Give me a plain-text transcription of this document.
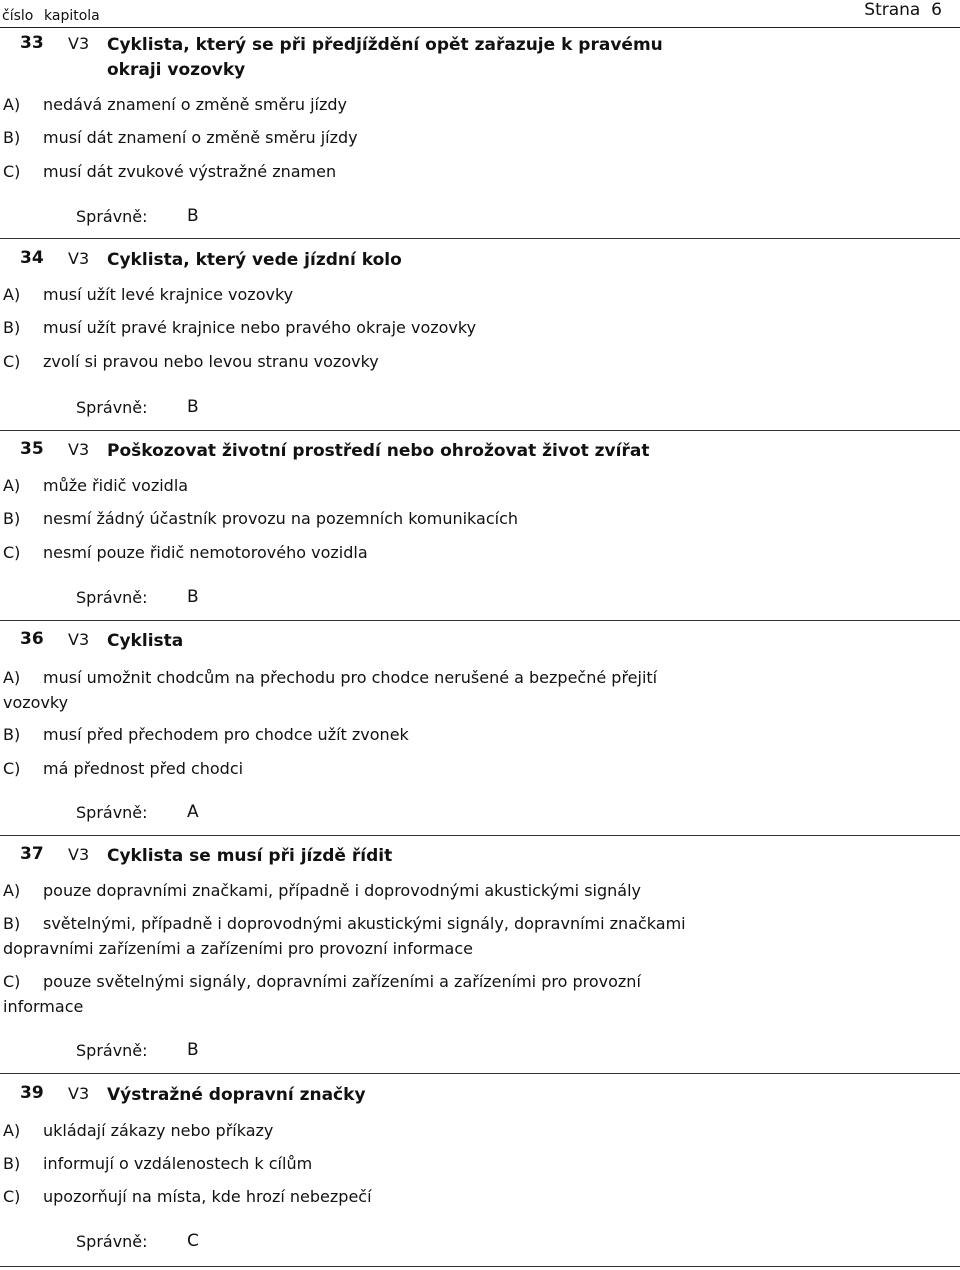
číslo kapitola	Strana 6
33 V3 Cyklista, který se při předjíždění opět zařazuje k pravému okraji vozovky
A) nedává znamení o změně směru jízdy
B) musí dát znamení o změně směru jízdy
C) musí dát zvukové výstražné znamen
Správně: B
34 V3 Cyklista, který vede jízdní kolo
A) musí užít levé krajnice vozovky
B) musí užít pravé krajnice nebo pravého okraje vozovky
C) zvolí si pravou nebo levou stranu vozovky
Správně: B
35 V3 Poškozovat životní prostředí nebo ohrožovat život zvířat
A) může řidič vozidla
B) nesmí žádný účastník provozu na pozemních komunikacích
C) nesmí pouze řidič nemotorového vozidla
Správně: B
36 V3 Cyklista
A) musí umožnit chodcům na přechodu pro chodce nerušené a bezpečné přejití vozovky
B) musí před přechodem pro chodce užít zvonek
C) má přednost před chodci
Správně: A
37 V3 Cyklista se musí při jízdě řídit
A) pouze dopravními značkami, případně i doprovodnými akustickými signály
B) světelnými, případně i doprovodnými akustickými signály, dopravními značkami dopravními zařízeními a zařízeními pro provozní informace
C) pouze světelnými signály, dopravními zařízeními a zařízeními pro provozní informace
Správně: B
39 V3 Výstražné dopravní značky
A) ukládají zákazy nebo příkazy
B) informují o vzdálenostech k cílům
C) upozorňují na místa, kde hrozí nebezpečí
Správně: C
